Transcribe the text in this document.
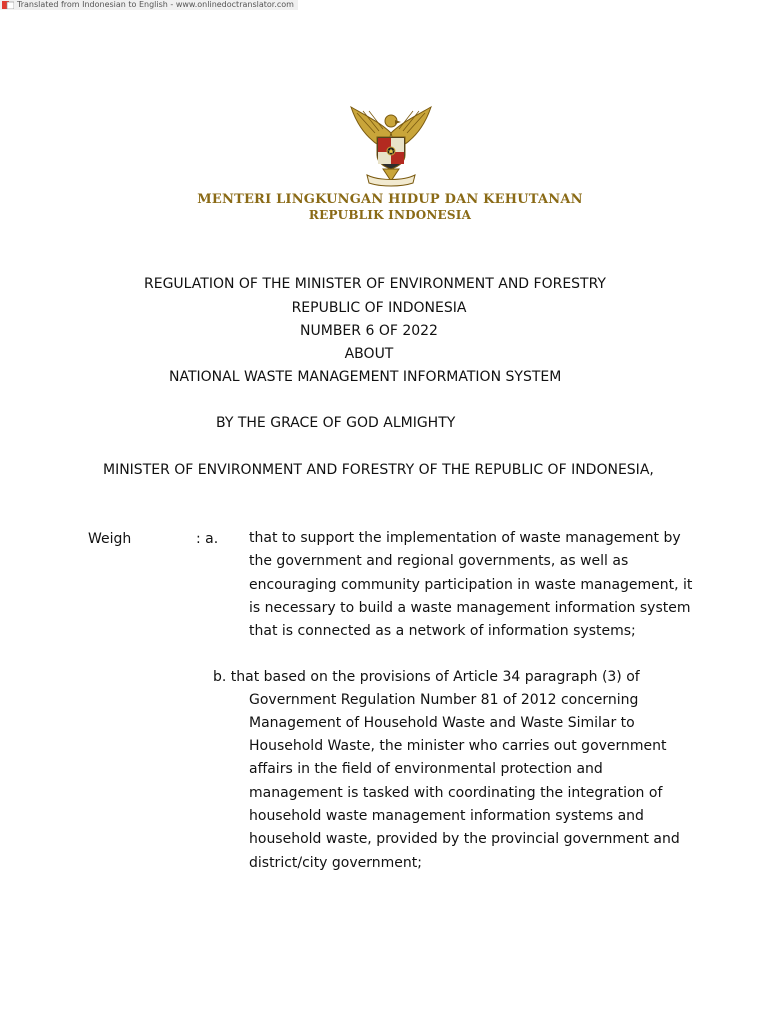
Translated from Indonesian to English - www.onlinedoctranslator.com
MENTERI LINGKUNGAN HIDUP DAN KEHUTANAN
REPUBLIK INDONESIA
REGULATION OF THE MINISTER OF ENVIRONMENT AND FORESTRY
REPUBLIC OF INDONESIA
NUMBER 6 OF 2022
ABOUT
NATIONAL WASTE MANAGEMENT INFORMATION SYSTEM
BY THE GRACE OF GOD ALMIGHTY
MINISTER OF ENVIRONMENT AND FORESTRY OF THE REPUBLIC OF INDONESIA,
Weigh	: a. that to support the implementation of waste management by
the government and regional governments, as well as
encouraging community participation in waste management, it
is necessary to build a waste management information system
that is connected as a network of information systems;
b. that based on the provisions of Article 34 paragraph (3) of
Government Regulation Number 81 of 2012 concerning
Management of Household Waste and Waste Similar to
Household Waste, the minister who carries out government
affairs in the field of environmental protection and
management is tasked with coordinating the integration of
household waste management information systems and
household waste, provided by the provincial government and
district/city government;
